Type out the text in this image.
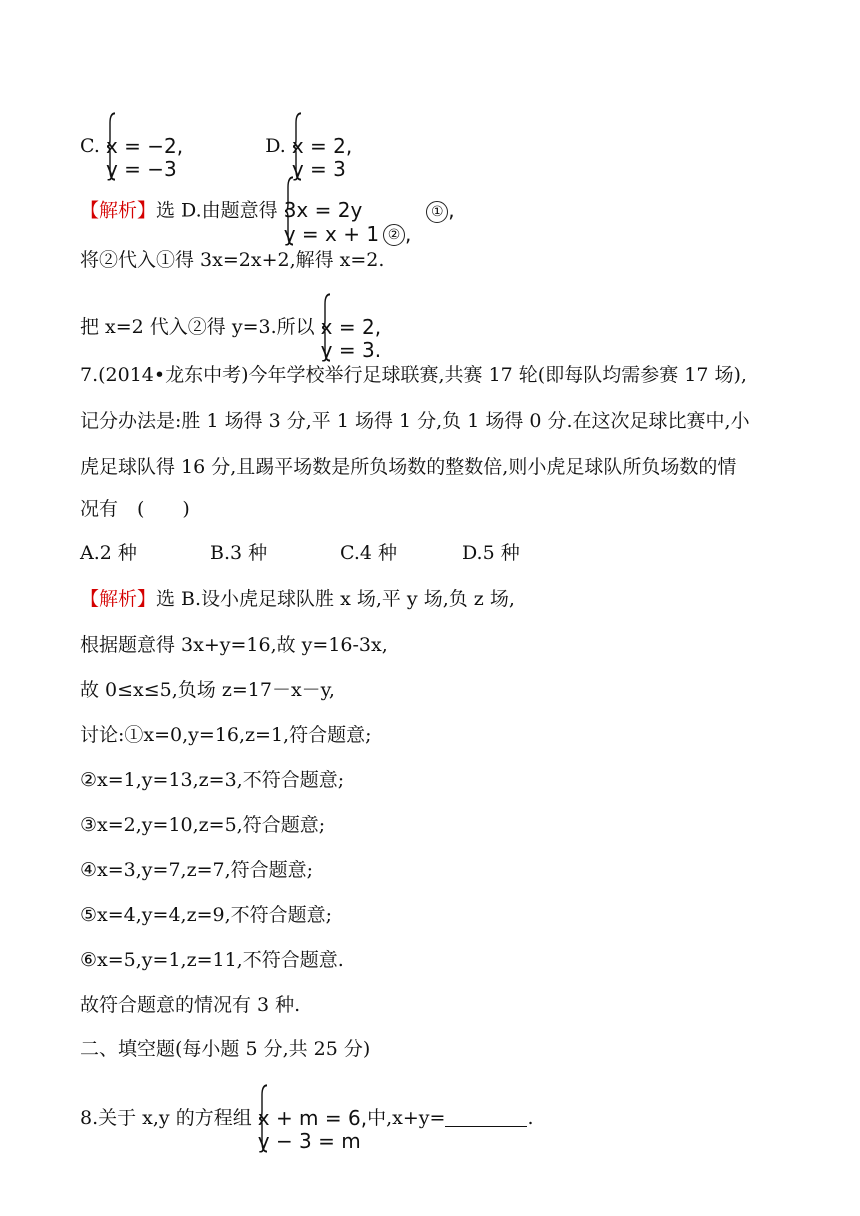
C. x = −2,
y = −3
D. x = 2,
y = 3
【解析】选 D.由题意得 3x = 2y	① ,
y = x + 1 ② ,
将②代入①得 3x=2x+2,解得 x=2.
把 x=2 代入②得 y=3.所以 x = 2,
y = 3.
7.(2014•龙东中考)今年学校举行足球联赛,共赛 17 轮(即每队均需参赛 17 场),
记分办法是:胜 1 场得 3 分,平 1 场得 1 分,负 1 场得 0 分.在这次足球比赛中,小
虎足球队得 16 分,且踢平场数是所负场数的整数倍,则小虎足球队所负场数的情
况有　(　　)
A.2 种	B.3 种	C.4 种	D.5 种
【解析】选 B.设小虎足球队胜 x 场,平 y 场,负 z 场,
根据题意得 3x+y=16,故 y=16-3x,
故 0≤x≤5,负场 z=17－x－y,
讨论:①x=0,y=16,z=1,符合题意;
②x=1,y=13,z=3,不符合题意;
③x=2,y=10,z=5,符合题意;
④x=3,y=7,z=7,符合题意;
⑤x=4,y=4,z=9,不符合题意;
⑥x=5,y=1,z=11,不符合题意.
故符合题意的情况有 3 种.
二、填空题(每小题 5 分,共 25 分)
8.关于 x,y 的方程组 x + m = 6,
y − 3 = m
中,x+y=	.
